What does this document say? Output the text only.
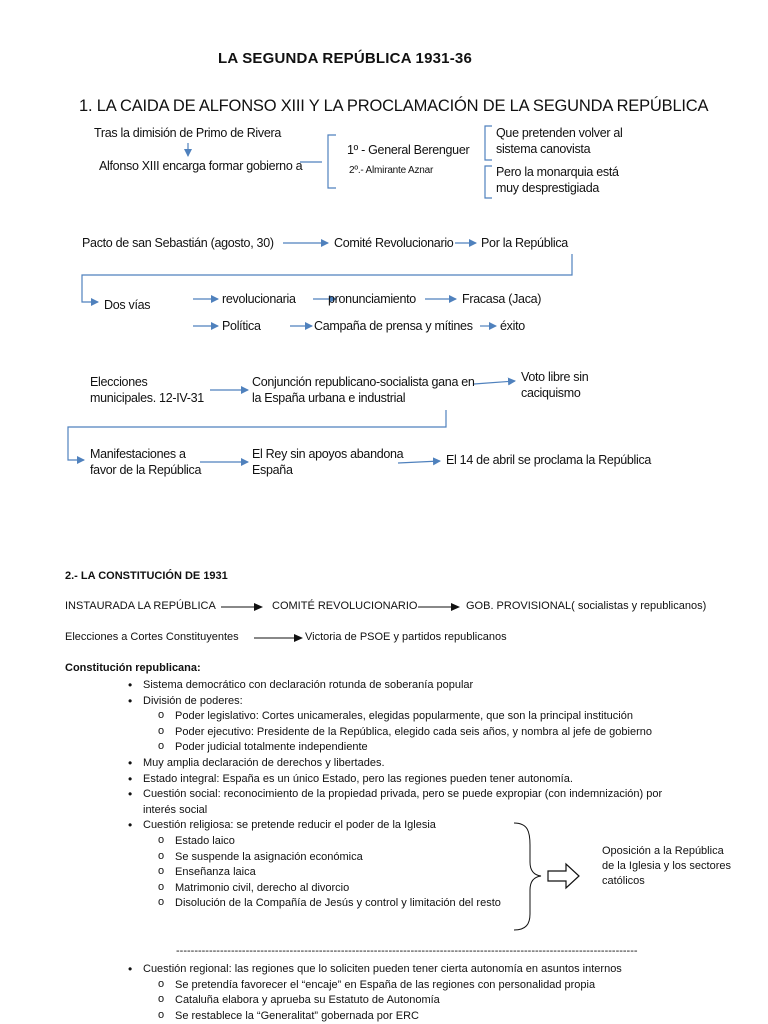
LA SEGUNDA REPÚBLICA 1931-36
1. LA CAIDA DE ALFONSO XIII Y LA PROCLAMACIÓN DE LA SEGUNDA REPÚBLICA
Tras la dimisión de Primo de Rivera
Alfonso XIII encarga formar gobierno a
1º - General Berenguer
2º.- Almirante Aznar
Que pretenden volver al
sistema canovista
Pero la monarquia está
muy desprestigiada
Pacto de san Sebastián (agosto, 30)	Comité Revolucionario Por la República
Dos vías	revolucionaria	pronunciamiento	Fracasa (Jaca)
Política	Campaña de prensa y mítines éxito
Elecciones
municipales. 12-IV-31
Conjunción republicano-socialista gana en
la España urbana e industrial
Voto libre sin
caciquismo
Manifestaciones a
favor de la República
El Rey sin apoyos abandona
España
El 14 de abril se proclama la República
2.- LA CONSTITUCIÓN DE 1931
INSTAURADA LA REPÚBLICA	COMITÉ REVOLUCIONARIO	GOB. PROVISIONAL( socialistas y republicanos)
Elecciones a Cortes Constituyentes	Victoria de PSOE y partidos republicanos
Constitución republicana:
• Sistema democrático con declaración rotunda de soberanía popular
• División de poderes:
o Poder legislativo: Cortes unicamerales, elegidas popularmente, que son la principal institución
o Poder ejecutivo: Presidente de la República, elegido cada seis años, y nombra al jefe de gobierno
o Poder judicial totalmente independiente
• Muy amplia declaración de derechos y libertades.
• Estado integral: España es un único Estado, pero las regiones pueden tener autonomía.
• Cuestión social: reconocimiento de la propiedad privada, pero se puede expropiar (con indemnización) por
interés social
• Cuestión religiosa: se pretende reducir el poder de la Iglesia
o Estado laico
o Se suspende la asignación económica
o Enseñanza laica
o Matrimonio civil, derecho al divorcio
o Disolución de la Compañía de Jesús y control y limitación del resto
Oposición a la República
de la Iglesia y los sectores
católicos
------------------------------------------------------------------------------------------------------------------------------
• Cuestión regional: las regiones que lo soliciten pueden tener cierta autonomía en asuntos internos
o Se pretendía favorecer el “encaje” en España de las regiones con personalidad propia
o Cataluña elabora y aprueba su Estatuto de Autonomía
o Se restablece la “Generalitat” gobernada por ERC
